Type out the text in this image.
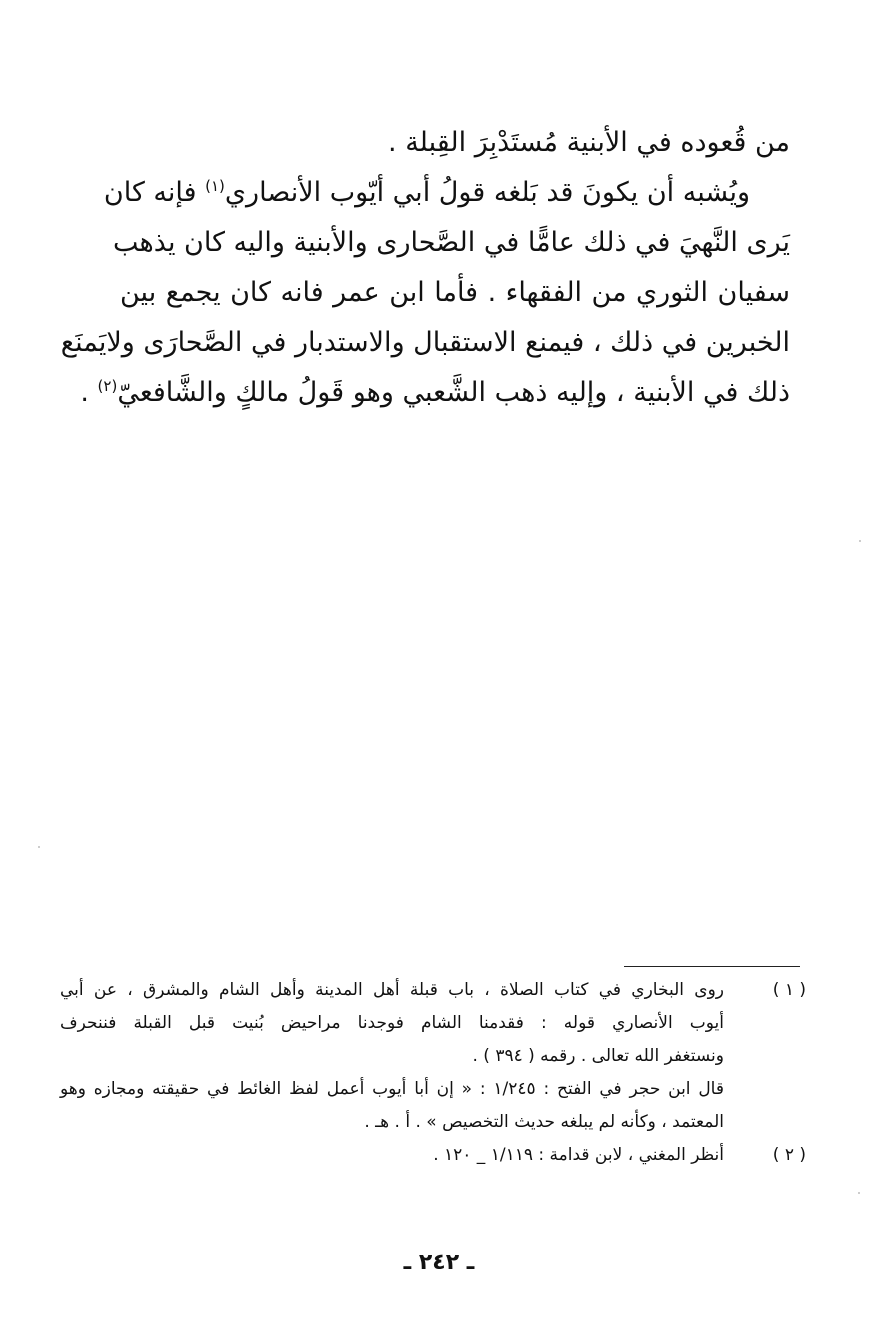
من قُعوده في الأبنية مُستَدْبِرَ القِبلة .
ويُشبه أن يكونَ قد بَلغه قولُ أبي أيّوب الأنصاري$^{(١)}$ فإنه كان
يَرى النَّهيَ في ذلك عامًّا في الصَّحارى والأبنية واليه كان يذهب
سفيان الثوري من الفقهاء . فأما ابن عمر فانه كان يجمع بين
الخبرين في ذلك ، فيمنع الاستقبال والاستدبار في الصَّحارَى ولايَمنَع
ذلك في الأبنية ، وإليه ذهب الشَّعبي وهو قَولُ مالكٍ والشَّافعيّ$^{(٢)}$ .
( ١ )
روى البخاري في كتاب الصلاة ، باب قبلة أهل المدينة وأهل الشام والمشرق ، عن أبي
أيوب الأنصاري قوله : فقدمنا الشام فوجدنا مراحيض بُنيت قبل القبلة فننحرف
ونستغفر الله تعالى . رقمه ( ٣٩٤ ) .
قال ابن حجر في الفتح : ١/٢٤٥ : « إن أبا أيوب أعمل لفظ الغائط في حقيقته ومجازه وهو
المعتمد ، وكأنه لم يبلغه حديث التخصيص » . أ . هـ .
( ٢ )
أنظر المغني ، لابن قدامة : ١/١١٩ _ ١٢٠ .
ـ ٢٤٢ ـ
